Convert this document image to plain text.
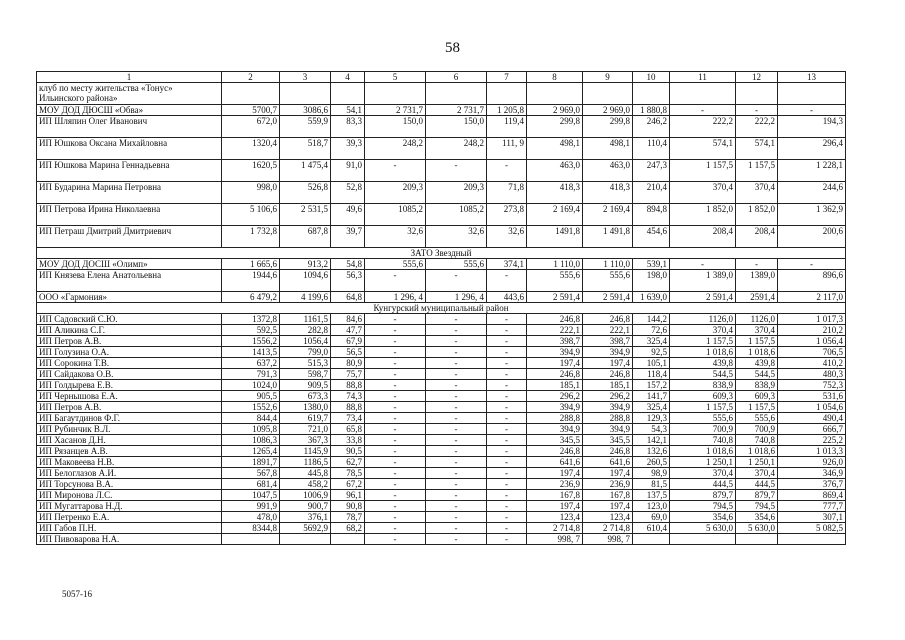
58
1	2	3	4	5	6	7	8	9	10	11	12	13
клуб по месту жительства «Тонус» Ильинского района»												
МОУ ДОД ДЮСШ «Обва»	5700,7	3086,6	54,1	2 731,7	2 731,7	1 205,8	2 969,0	2 969,0	1 880,8	-	-	-
ИП Шляпин Олег Иванович	672,0	559,9	83,3	150,0	150,0	119,4	299,8	299,8	246,2	222,2	222,2	194,3
ИП Юшкова Оксана Михайловна	1320,4	518,7	39,3	248,2	248,2	111, 9	498,1	498,1	110,4	574,1	574,1	296,4
ИП Юшкова Марина Геннадьевна	1620,5	1 475,4	91,0	-	-	-	463,0	463,0	247,3	1 157,5	1 157,5	1 228,1
ИП Бударина Марина Петровна	998,0	526,8	52,8	209,3	209,3	71,8	418,3	418,3	210,4	370,4	370,4	244,6
ИП Петрова Ирина Николаевна	5 106,6	2 531,5	49,6	1085,2	1085,2	273,8	2 169,4	2 169,4	894,8	1 852,0	1 852,0	1 362,9
ИП Петраш Дмитрий Дмитриевич	1 732,8	687,8	39,7	32,6	32,6	32,6	1491,8	1 491,8	454,6	208,4	208,4	200,6
ЗАТО Звездный												
МОУ ДОД ДОСШ «Олимп»	1 665,6	913,2	54,8	555,6	555,6	374,1	1 110,0	1 110,0	539,1	-	-	-
ИП Князева Елена Анатольевна	1944,6	1094,6	56,3	-	-	-	555,6	555,6	198,0	1 389,0	1389,0	896,6
ООО «Гармония»	6 479,2	4 199,6	64,8	1 296, 4	1 296, 4	443,6	2 591,4	2 591,4	1 639,0	2 591,4	2591,4	2 117,0
Кунгурский муниципальный район												
ИП Садовский С.Ю.	1372,8	1161,5	84,6	-	-	-	246,8	246,8	144,2	1126,0	1126,0	1 017,3
ИП Аликина С.Г.	592,5	282,8	47,7	-	-	-	222,1	222,1	72,6	370,4	370,4	210,2
ИП Петров А.В.	1556,2	1056,4	67,9	-	-	-	398,7	398,7	325,4	1 157,5	1 157,5	1 056,4
ИП Голузина О.А.	1413,5	799,0	56,5	-	-	-	394,9	394,9	92,5	1 018,6	1 018,6	706,5
ИП Сорокина Т.В.	637,2	515,3	80,9	-	-	-	197,4	197,4	105,1	439,8	439,8	410,2
ИП Сайдакова О.В.	791,3	598,7	75,7	-	-	-	246,8	246,8	118,4	544,5	544,5	480,3
ИП Голдырева Е.В.	1024,0	909,5	88,8	-	-	-	185,1	185,1	157,2	838,9	838,9	752,3
ИП Чернышова Е.А.	905,5	673,3	74,3	-	-	-	296,2	296,2	141,7	609,3	609,3	531,6
ИП Петров А.В.	1552,6	1380,0	88,8	-	-	-	394,9	394,9	325,4	1 157,5	1 157,5	1 054,6
ИП Багаутдинов Ф.Г.	844,4	619,7	73,4	-	-	-	288,8	288,8	129,3	555,6	555,6	490,4
ИП Рубинчик В.Л.	1095,8	721,0	65,8	-	-	-	394,9	394,9	54,3	700,9	700,9	666,7
ИП Хасанов Д.Н.	1086,3	367,3	33,8	-	-	-	345,5	345,5	142,1	740,8	740,8	225,2
ИП Рязанцев А.В.	1265,4	1145,9	90,5	-	-	-	246,8	246,8	132,6	1 018,6	1 018,6	1 013,3
ИП Маковеева Н.В.	1891,7	1186,5	62,7	-	-	-	641,6	641,6	260,5	1 250,1	1 250,1	926,0
ИП Белоглазов А.И.	567,8	445,8	78,5	-	-	-	197,4	197,4	98,9	370,4	370,4	346,9
ИП Торсунова В.А.	681,4	458,2	67,2	-	-	-	236,9	236,9	81,5	444,5	444,5	376,7
ИП Миронова Л.С.	1047,5	1006,9	96,1	-	-	-	167,8	167,8	137,5	879,7	879,7	869,4
ИП Мугаттарова Н.Д.	991,9	900,7	90,8	-	-	-	197,4	197,4	123,0	794,5	794,5	777,7
ИП Петренко Е.А.	478,0	376,1	78,7	-	-	-	123,4	123,4	69,0	354,6	354,6	307,1
ИП Габов П.Н.	8344,8	5692,9	68,2	-	-	-	2 714,8	2 714,8	610,4	5 630,0	5 630,0	5 082,5
ИП Пивоварова Н.А.				-	-	-	998, 7	998, 7				
5057-16
